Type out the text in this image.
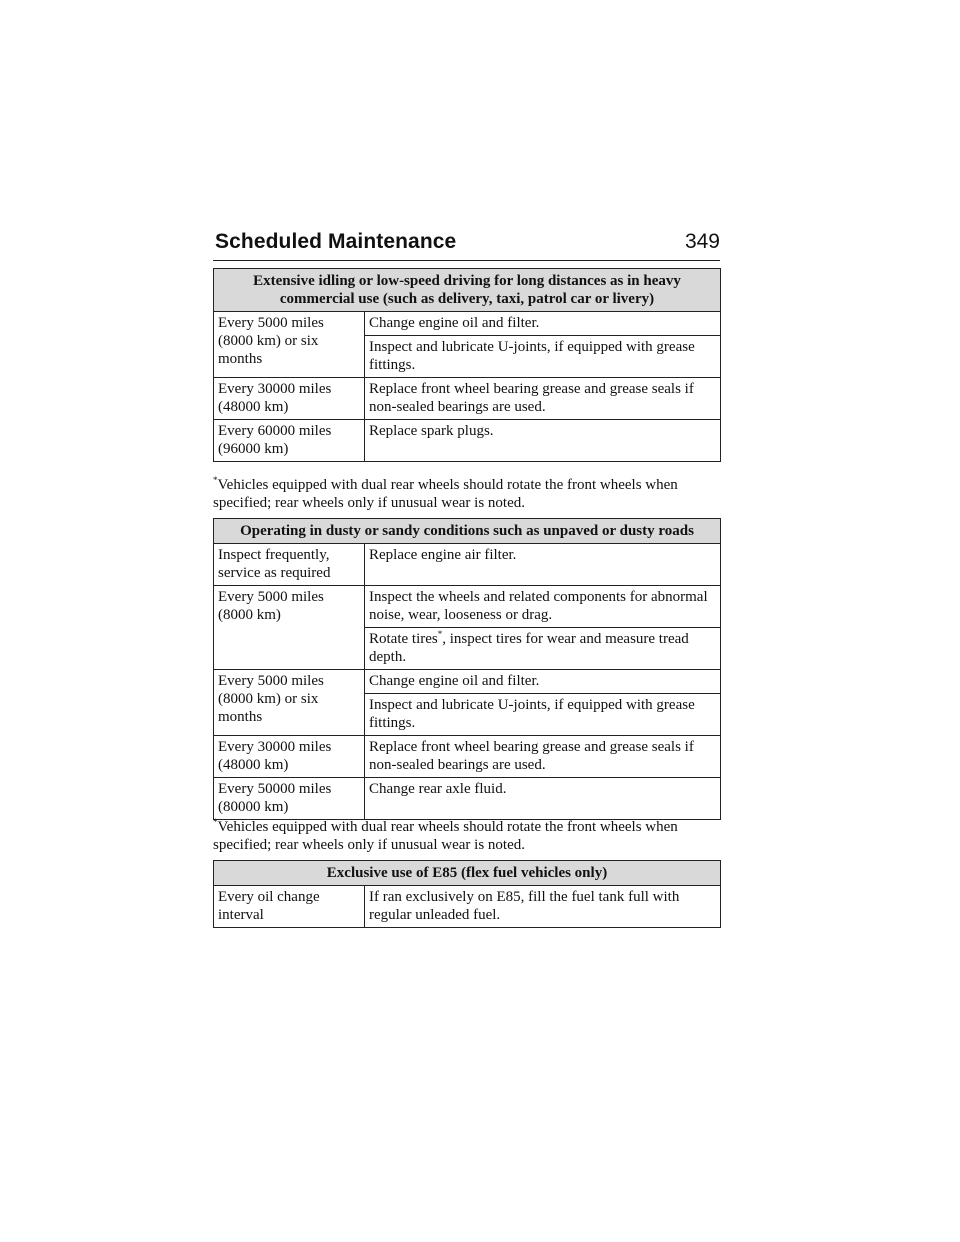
Scheduled Maintenance	349
Extensive idling or low-speed driving for long distances as in heavy commercial use (such as delivery, taxi, patrol car or livery)	
Every 5000 miles (8000 km) or six months	Change engine oil and filter.
	Inspect and lubricate U-joints, if equipped with grease fittings.
Every 30000 miles (48000 km)	Replace front wheel bearing grease and grease seals if non-sealed bearings are used.
Every 60000 miles (96000 km)	Replace spark plugs.
*Vehicles equipped with dual rear wheels should rotate the front wheels when specified; rear wheels only if unusual wear is noted.
Operating in dusty or sandy conditions such as unpaved or dusty roads	
Inspect frequently, service as required	Replace engine air filter.
Every 5000 miles (8000 km)	Inspect the wheels and related components for abnormal noise, wear, looseness or drag.
	Rotate tires*, inspect tires for wear and measure tread depth.
Every 5000 miles (8000 km) or six months	Change engine oil and filter.
	Inspect and lubricate U-joints, if equipped with grease fittings.
Every 30000 miles (48000 km)	Replace front wheel bearing grease and grease seals if non-sealed bearings are used.
Every 50000 miles (80000 km)	Change rear axle fluid.
*Vehicles equipped with dual rear wheels should rotate the front wheels when specified; rear wheels only if unusual wear is noted.
Exclusive use of E85 (flex fuel vehicles only)
Every oil change interval	If ran exclusively on E85, fill the fuel tank full with regular unleaded fuel.
